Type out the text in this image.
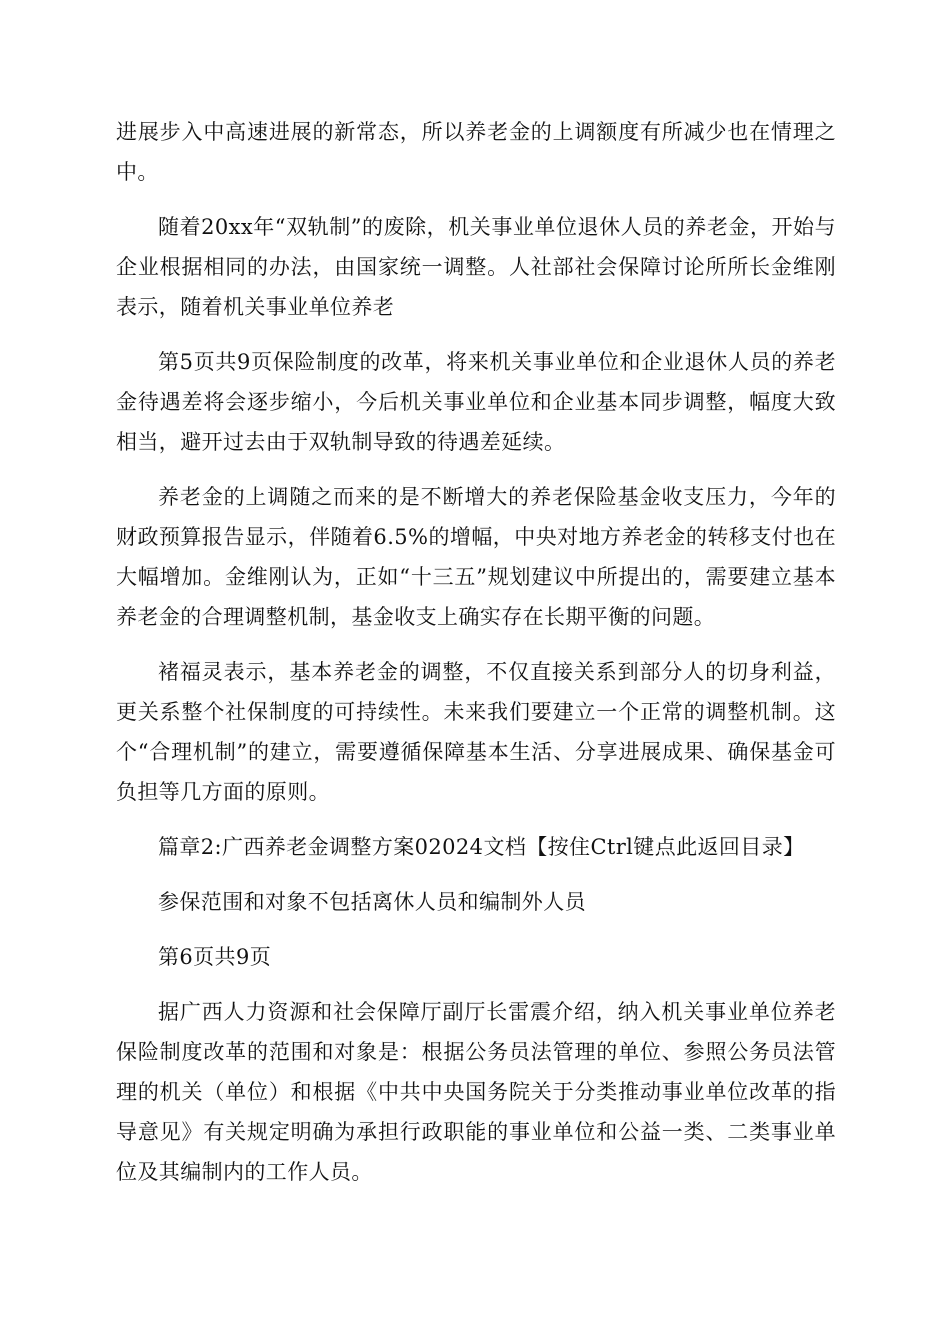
进展步入中高速进展的新常态，所以养老金的上调额度有所减少也在情理之中。

随着20xx年“双轨制”的废除，机关事业单位退休人员的养老金，开始与企业根据相同的办法，由国家统一调整。人社部社会保障讨论所所长金维刚表示，随着机关事业单位养老

第5页共9页保险制度的改革，将来机关事业单位和企业退休人员的养老金待遇差将会逐步缩小，今后机关事业单位和企业基本同步调整，幅度大致相当，避开过去由于双轨制导致的待遇差延续。

养老金的上调随之而来的是不断增大的养老保险基金收支压力，今年的财政预算报告显示，伴随着6.5%的增幅，中央对地方养老金的转移支付也在大幅增加。金维刚认为，正如“十三五”规划建议中所提出的，需要建立基本养老金的合理调整机制，基金收支上确实存在长期平衡的问题。

褚福灵表示，基本养老金的调整，不仅直接关系到部分人的切身利益，更关系整个社保制度的可持续性。未来我们要建立一个正常的调整机制。这个“合理机制”的建立，需要遵循保障基本生活、分享进展成果、确保基金可负担等几方面的原则。

篇章2:广西养老金调整方案02024文档【按住Ctrl键点此返回目录】

参保范围和对象不包括离休人员和编制外人员

第6页共9页

据广西人力资源和社会保障厅副厅长雷震介绍，纳入机关事业单位养老保险制度改革的范围和对象是：根据公务员法管理的单位、参照公务员法管理的机关（单位）和根据《中共中央国务院关于分类推动事业单位改革的指导意见》有关规定明确为承担行政职能的事业单位和公益一类、二类事业单位及其编制内的工作人员。
